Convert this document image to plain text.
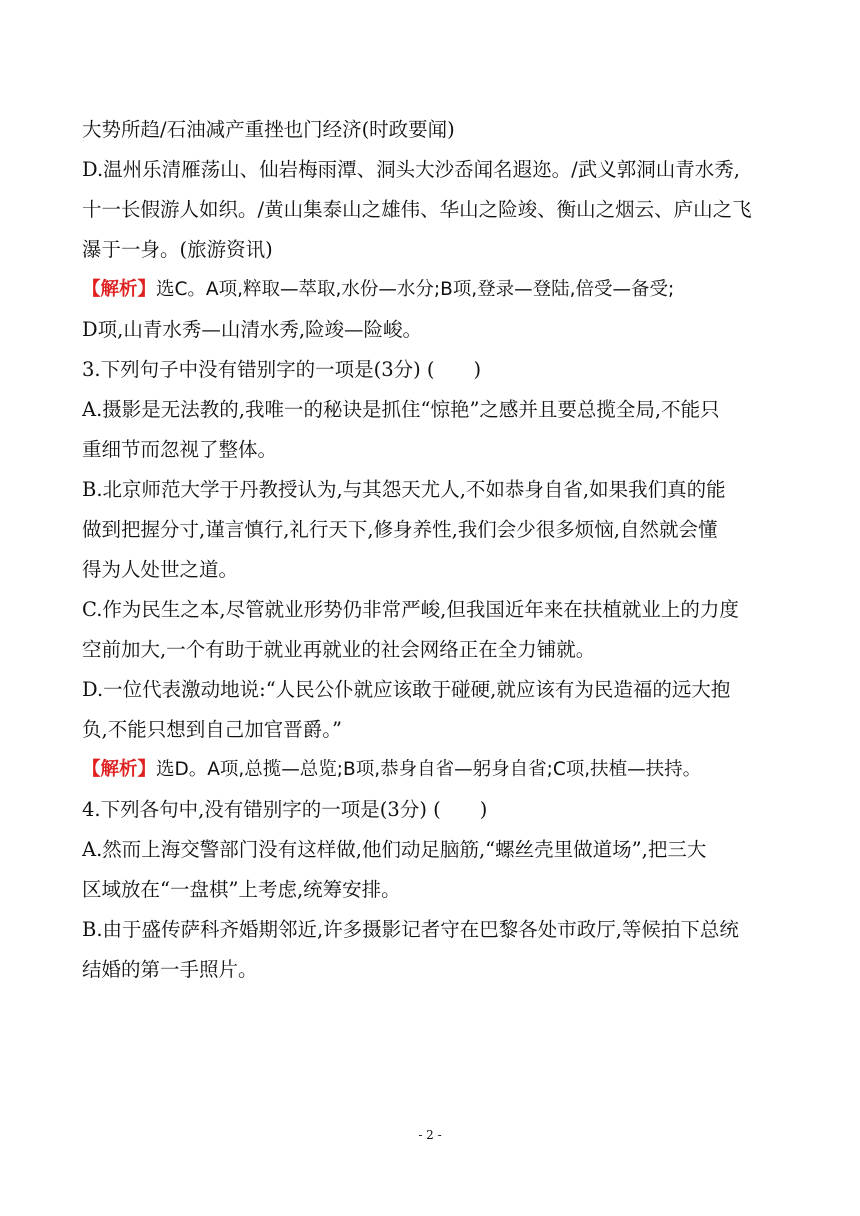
大势所趋/石油减产重挫也门经济(时政要闻)
D.温州乐清雁荡山、仙岩梅雨潭、洞头大沙岙闻名遐迩。/武义郭洞山青水秀,
十一长假游人如织。/黄山集泰山之雄伟、华山之险竣、衡山之烟云、庐山之飞
瀑于一身。(旅游资讯)
【解析】选C。A项,粹取—萃取,水份—水分;B项,登录—登陆,倍受—备受;
D项,山青水秀—山清水秀,险竣—险峻。
3.下列句子中没有错别字的一项是(3分) (　　)
A.摄影是无法教的,我唯一的秘诀是抓住“惊艳”之感并且要总揽全局,不能只
重细节而忽视了整体。
B.北京师范大学于丹教授认为,与其怨天尤人,不如恭身自省,如果我们真的能
做到把握分寸,谨言慎行,礼行天下,修身养性,我们会少很多烦恼,自然就会懂
得为人处世之道。
C.作为民生之本,尽管就业形势仍非常严峻,但我国近年来在扶植就业上的力度
空前加大,一个有助于就业再就业的社会网络正在全力铺就。
D.一位代表激动地说:“人民公仆就应该敢于碰硬,就应该有为民造福的远大抱
负,不能只想到自己加官晋爵。”
【解析】选D。A项,总揽—总览;B项,恭身自省—躬身自省;C项,扶植—扶持。
4.下列各句中,没有错别字的一项是(3分) (　　)
A.然而上海交警部门没有这样做,他们动足脑筋,“螺丝壳里做道场”,把三大
区域放在“一盘棋”上考虑,统筹安排。
B.由于盛传萨科齐婚期邻近,许多摄影记者守在巴黎各处市政厅,等候拍下总统
结婚的第一手照片。
- 2 -
